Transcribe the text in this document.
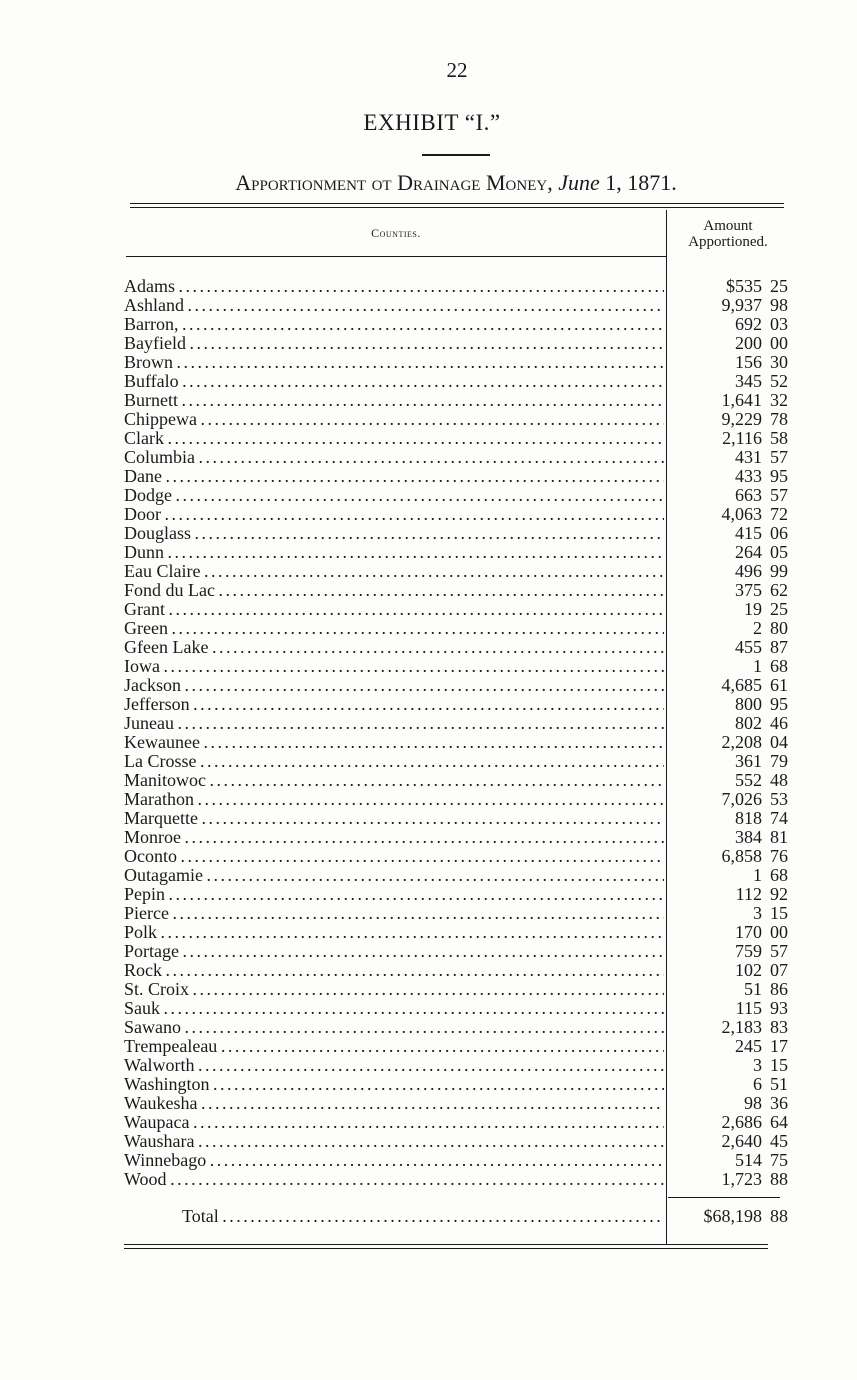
22
EXHIBIT “I.”
Apportionment ot Drainage Money, June 1, 1871.
Counties.	Amount
Apportioned.
Adams . . .	$535 25
Ashland . . .	9,937 98
Barron, . . .	692 03
Bayfield . . .	200 00
Brown . . .	156 30
Buffalo . . .	345 52
Burnett . . .	1,641 32
Chippewa . . .	9,229 78
Clark . . .	2,116 58
Columbia . . .	431 57
Dane . . .	433 95
Dodge . . .	663 57
Door . . .	4,063 72
Douglass . . .	415 06
Dunn . . .	264 05
Eau Claire . . .	496 99
Fond du Lac . . .	375 62
Grant . . .	19 25
Green . . .	2 80
Gfeen Lake . . .	455 87
Iowa . . .	1 68
Jackson . . .	4,685 61
Jefferson . . .	800 95
Juneau . . .	802 46
Kewaunee . . .	2,208 04
La Crosse . . .	361 79
Manitowoc . . .	552 48
Marathon . . .	7,026 53
Marquette . . .	818 74
Monroe . . .	384 81
Oconto . . .	6,858 76
Outagamie . . .	1 68
Pepin . . .	112 92
Pierce . . .	3 15
Polk . . .	170 00
Portage . . .	759 57
Rock . . .	102 07
St. Croix . . .	51 86
Sauk . . .	115 93
Sawano . . .	2,183 83
Trempealeau . . .	245 17
Walworth . . .	3 15
Washington . . .	6 51
Waukesha . . .	98 36
Waupaca . . .	2,686 64
Waushara . . .	2,640 45
Winnebago . . .	514 75
Wood . . .	1,723 88
Total . . .	$68,198 88
